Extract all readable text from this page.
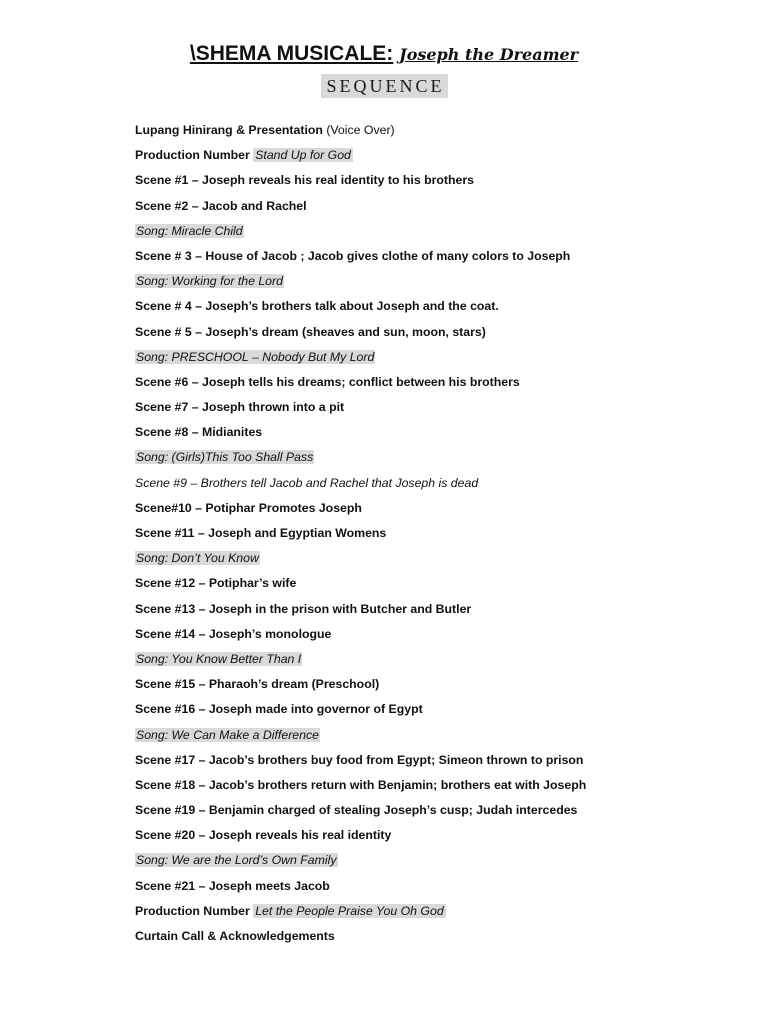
\SHEMA MUSICALE: Joseph the Dreamer
SEQUENCE
Lupang Hinirang & Presentation (Voice Over)
Production Number Stand Up for God
Scene #1 – Joseph reveals his real identity to his brothers
Scene #2 – Jacob and Rachel
Song: Miracle Child
Scene # 3 – House of Jacob ; Jacob gives clothe of many colors to Joseph
Song: Working for the Lord
Scene # 4 – Joseph’s brothers talk about Joseph and the coat.
Scene # 5 – Joseph’s dream (sheaves and sun, moon, stars)
Song: PRESCHOOL – Nobody But My Lord
Scene #6 – Joseph tells his dreams; conflict between his brothers
Scene #7 – Joseph thrown into a pit
Scene #8 – Midianites
Song: (Girls)This Too Shall Pass
Scene #9 – Brothers tell Jacob and Rachel that Joseph is dead
Scene#10 – Potiphar Promotes Joseph
Scene #11 – Joseph and Egyptian Womens
Song: Don’t You Know
Scene #12 – Potiphar’s wife
Scene #13 – Joseph in the prison with Butcher and Butler
Scene #14 – Joseph’s monologue
Song: You Know Better Than I
Scene #15 – Pharaoh’s dream (Preschool)
Scene #16 – Joseph made into governor of Egypt
Song: We Can Make a Difference
Scene #17 – Jacob’s brothers buy food from Egypt; Simeon thrown to prison
Scene #18 – Jacob’s brothers return with Benjamin; brothers eat with Joseph
Scene #19 – Benjamin charged of stealing Joseph’s cusp; Judah intercedes
Scene #20 – Joseph reveals his real identity
Song: We are the Lord’s Own Family
Scene #21 – Joseph meets Jacob
Production Number Let the People Praise You Oh God
Curtain Call & Acknowledgements
